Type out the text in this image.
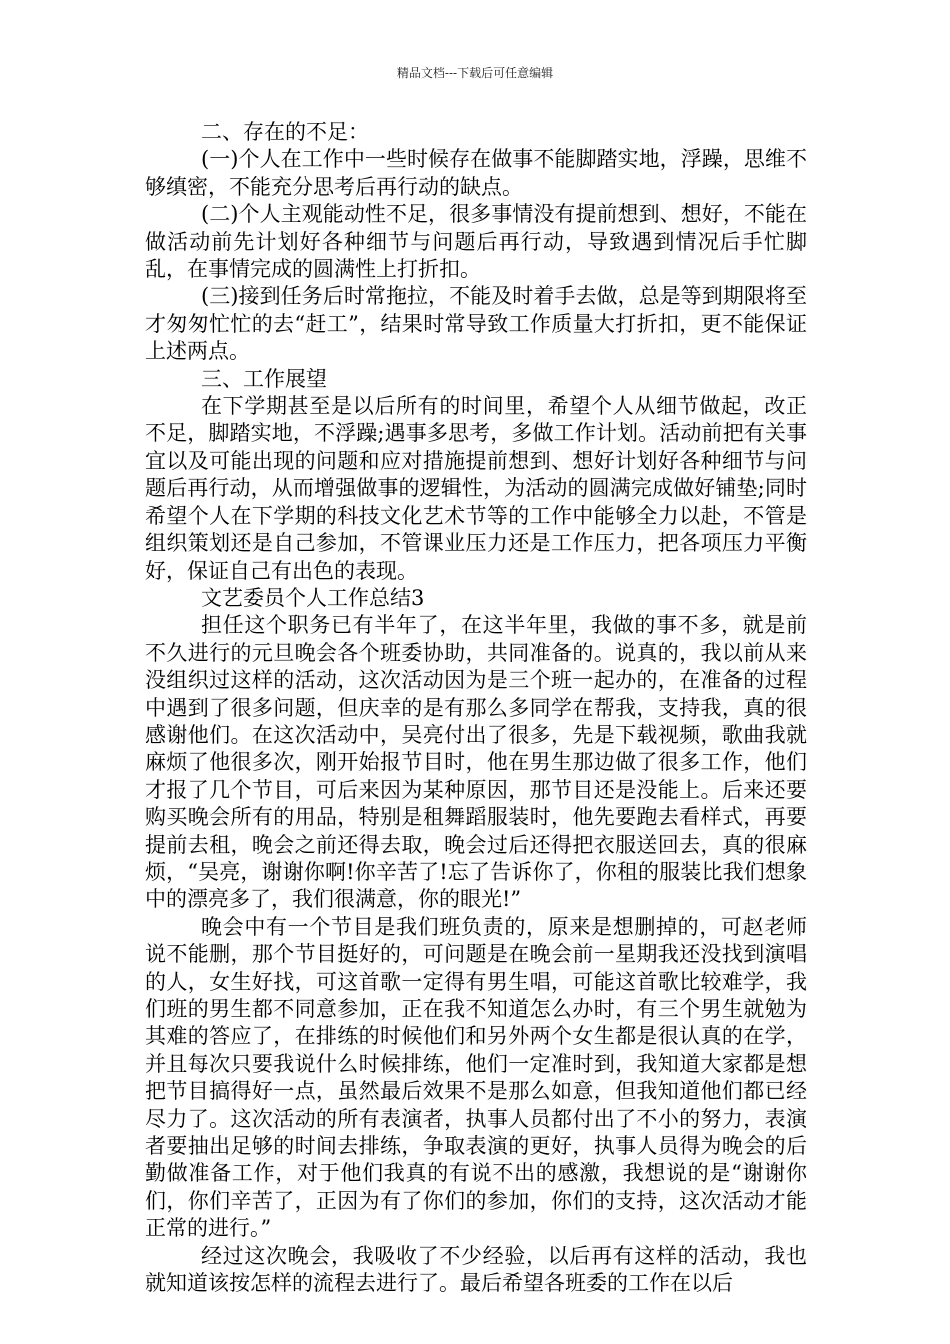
精品文档---下载后可任意编辑

二、存在的不足：

(一)个人在工作中一些时候存在做事不能脚踏实地，浮躁，思维不够缜密，不能充分思考后再行动的缺点。

(二)个人主观能动性不足，很多事情没有提前想到、想好，不能在做活动前先计划好各种细节与问题后再行动，导致遇到情况后手忙脚乱，在事情完成的圆满性上打折扣。

(三)接到任务后时常拖拉，不能及时着手去做，总是等到期限将至才匆匆忙忙的去“赶工”，结果时常导致工作质量大打折扣，更不能保证上述两点。

三、工作展望

在下学期甚至是以后所有的时间里，希望个人从细节做起，改正不足，脚踏实地，不浮躁;遇事多思考，多做工作计划。活动前把有关事宜以及可能出现的问题和应对措施提前想到、想好计划好各种细节与问题后再行动，从而增强做事的逻辑性，为活动的圆满完成做好铺垫;同时希望个人在下学期的科技文化艺术节等的工作中能够全力以赴，不管是组织策划还是自己参加，不管课业压力还是工作压力，把各项压力平衡好，保证自己有出色的表现。

文艺委员个人工作总结3

担任这个职务已有半年了，在这半年里，我做的事不多，就是前不久进行的元旦晚会各个班委协助，共同准备的。说真的，我以前从来没组织过这样的活动，这次活动因为是三个班一起办的，在准备的过程中遇到了很多问题，但庆幸的是有那么多同学在帮我，支持我，真的很感谢他们。在这次活动中，吴亮付出了很多，先是下载视频，歌曲我就麻烦了他很多次，刚开始报节目时，他在男生那边做了很多工作，他们才报了几个节目，可后来因为某种原因，那节目还是没能上。后来还要购买晚会所有的用品，特别是租舞蹈服装时，他先要跑去看样式，再要提前去租，晚会之前还得去取，晚会过后还得把衣服送回去，真的很麻烦，“吴亮，谢谢你啊!你辛苦了!忘了告诉你了，你租的服装比我们想象中的漂亮多了，我们很满意，你的眼光!”

晚会中有一个节目是我们班负责的，原来是想删掉的，可赵老师说不能删，那个节目挺好的，可问题是在晚会前一星期我还没找到演唱的人，女生好找，可这首歌一定得有男生唱，可能这首歌比较难学，我们班的男生都不同意参加，正在我不知道怎么办时，有三个男生就勉为其难的答应了，在排练的时候他们和另外两个女生都是很认真的在学，并且每次只要我说什么时候排练，他们一定准时到，我知道大家都是想把节目搞得好一点，虽然最后效果不是那么如意，但我知道他们都已经尽力了。这次活动的所有表演者，执事人员都付出了不小的努力，表演者要抽出足够的时间去排练，争取表演的更好，执事人员得为晚会的后勤做准备工作，对于他们我真的有说不出的感激，我想说的是“谢谢你们，你们辛苦了，正因为有了你们的参加，你们的支持，这次活动才能正常的进行。”

经过这次晚会，我吸收了不少经验，以后再有这样的活动，我也就知道该按怎样的流程去进行了。最后希望各班委的工作在以后
